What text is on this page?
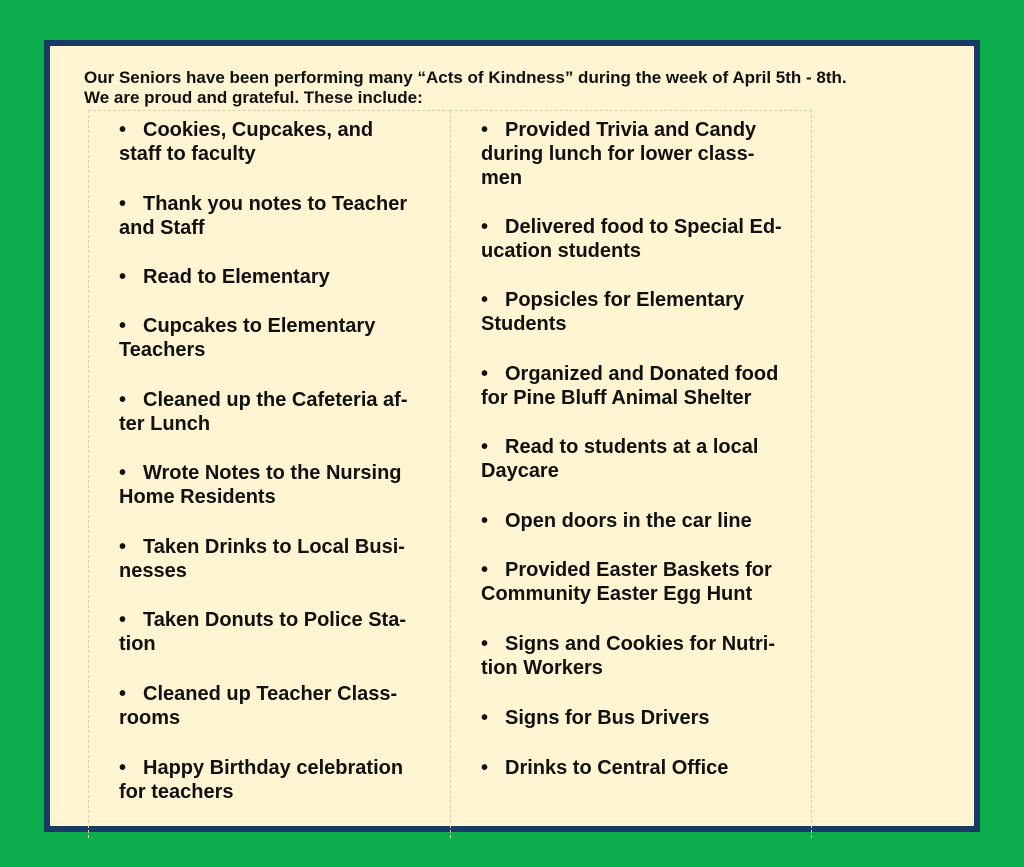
Our Seniors have been performing many “Acts of Kindness” during the week of April 5th - 8th.
We are proud and grateful. These include:
• Cookies, Cupcakes, and
staff to faculty
• Thank you notes to Teacher
and Staff
• Read to Elementary
• Cupcakes to Elementary
Teachers
• Cleaned up the Cafeteria af-
ter Lunch
• Wrote Notes to the Nursing
Home Residents
• Taken Drinks to Local Busi-
nesses
• Taken Donuts to Police Sta-
tion
• Cleaned up Teacher Class-
rooms
• Happy Birthday celebration
for teachers
• Provided Trivia and Candy
during lunch for lower class-
men
• Delivered food to Special Ed-
ucation students
• Popsicles for Elementary
Students
• Organized and Donated food
for Pine Bluff Animal Shelter
• Read to students at a local
Daycare
• Open doors in the car line
• Provided Easter Baskets for
Community Easter Egg Hunt
• Signs and Cookies for Nutri-
tion Workers
• Signs for Bus Drivers
• Drinks to Central Office
